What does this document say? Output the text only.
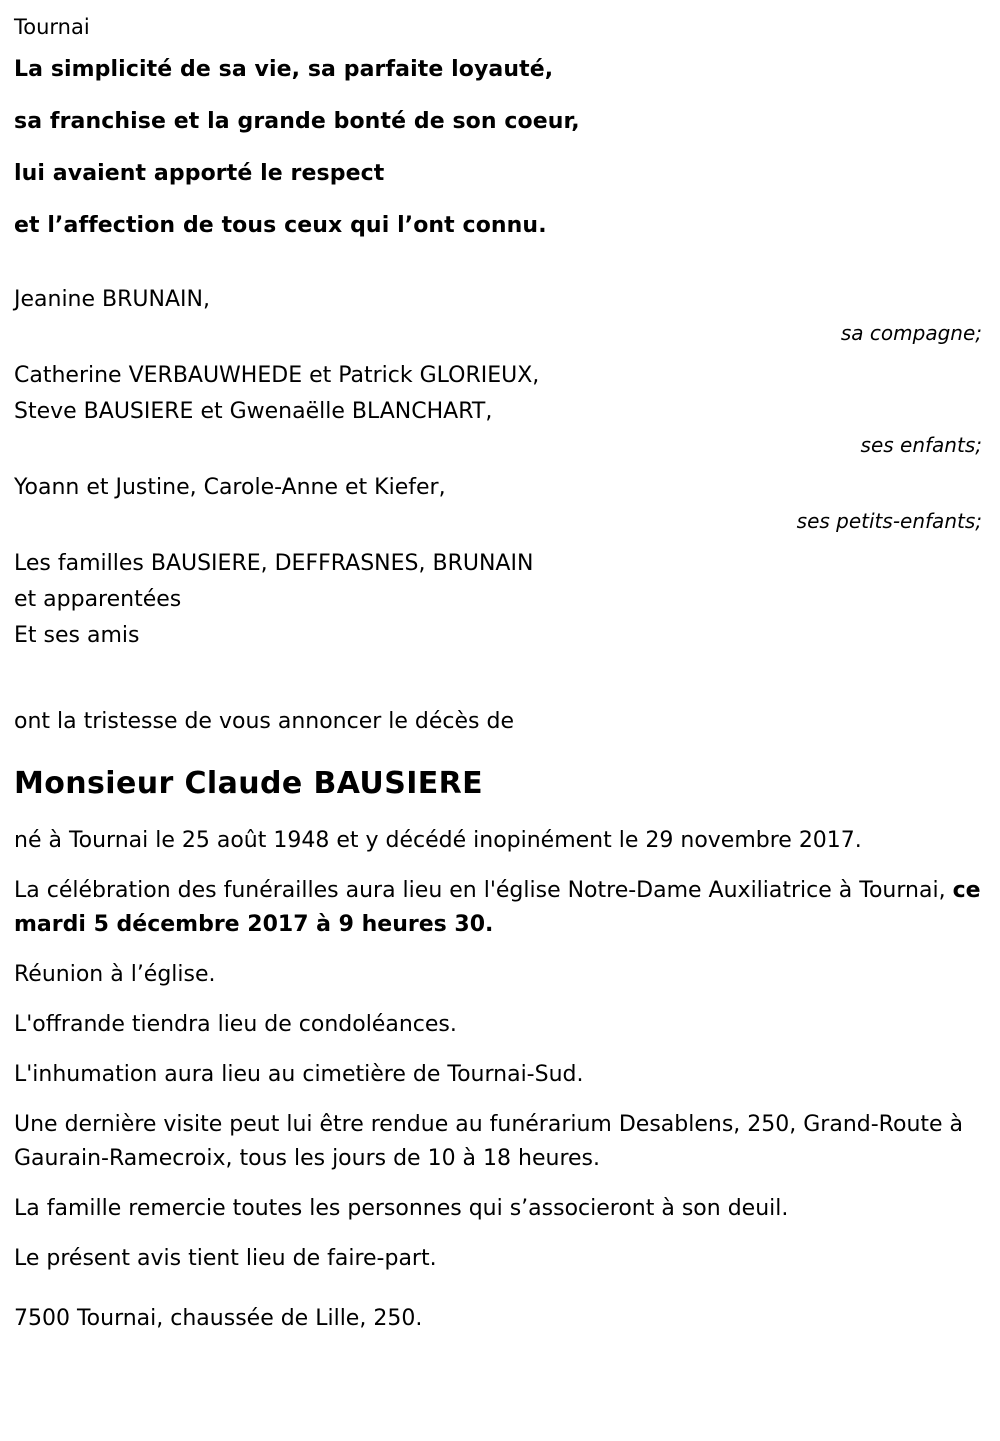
Tournai
La simplicité de sa vie, sa parfaite loyauté,
sa franchise et la grande bonté de son coeur,
lui avaient apporté le respect
et l’affection de tous ceux qui l’ont connu.
Jeanine BRUNAIN,
sa compagne;
Catherine VERBAUWHEDE et Patrick GLORIEUX,
Steve BAUSIERE et Gwenaëlle BLANCHART,
ses enfants;
Yoann et Justine, Carole-Anne et Kiefer,
ses petits-enfants;
Les familles BAUSIERE, DEFFRASNES, BRUNAIN
et apparentées
Et ses amis
ont la tristesse de vous annoncer le décès de
Monsieur Claude BAUSIERE
né à Tournai le 25 août 1948 et y décédé inopinément le 29 novembre 2017.
La célébration des funérailles aura lieu en l'église Notre-Dame Auxiliatrice à Tournai, ce mardi 5 décembre 2017 à 9 heures 30.
Réunion à l’église.
L'offrande tiendra lieu de condoléances.
L'inhumation aura lieu au cimetière de Tournai-Sud.
Une dernière visite peut lui être rendue au funérarium Desablens, 250, Grand-Route à Gaurain-Ramecroix, tous les jours de 10 à 18 heures.
La famille remercie toutes les personnes qui s’associeront à son deuil.
Le présent avis tient lieu de faire-part.
7500 Tournai, chaussée de Lille, 250.
